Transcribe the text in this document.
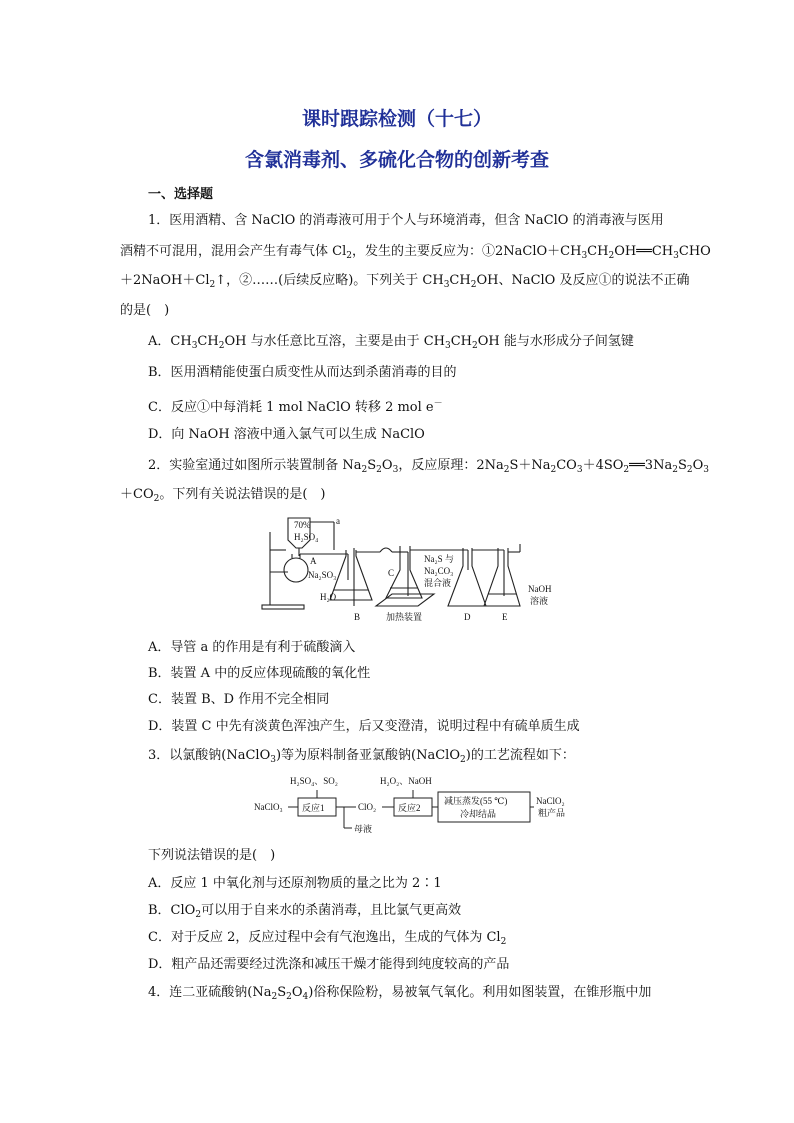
课时跟踪检测（十七）
含氯消毒剂、多硫化合物的创新考查
一、选择题
1．医用酒精、含 NaClO 的消毒液可用于个人与环境消毒，但含 NaClO 的消毒液与医用
酒精不可混用，混用会产生有毒气体 $Cl_2$，发生的主要反应为：$①2NaClO+CH_3CH_2OH══CH_3CHO$
$+2NaOH+Cl_2↑$，②……(后续反应略)。下列关于 $CH_3CH_2OH$、NaClO 及反应①的说法不正确
的是(　)
A．$CH_3CH_2OH$ 与水任意比互溶，主要是由于 $CH_3CH_2OH$ 能与水形成分子间氢键
B．医用酒精能使蛋白质变性从而达到杀菌消毒的目的
C．反应①中每消耗 1 mol NaClO 转移 2 mol e－
D．向 NaOH 溶液中通入氯气可以生成 NaClO
2．实验室通过如图所示装置制备 $Na_2S_2O_3$，反应原理：$2Na_2S+Na_2CO_3+4SO_2══3Na_2S_2O_3$
$+CO_2$。下列有关说法错误的是(　)
70%
H₂SO₄
a
A
Na₂SO₃
H₂O
B
C
Na₂S 与
Na₂CO₃
混合液
加热装置	D	E
NaOH
溶液
A．导管 a 的作用是有利于硫酸滴入
B．装置 A 中的反应体现硫酸的氧化性
C．装置 B、D 作用不完全相同
D．装置 C 中先有淡黄色浑浊产生，后又变澄清，说明过程中有硫单质生成
3．以氯酸钠(NaClO$_3$)等为原料制备亚氯酸钠(NaClO$_2$)的工艺流程如下：
H₂SO₄、SO₂	H₂O₂、NaOH
NaClO₃ 反应1	ClO₂ 反应2
减压蒸发(55 ℃)
冷却结晶
NaClO₂
粗产品
母液
下列说法错误的是(　)
A．反应 1 中氧化剂与还原剂物质的量之比为 2∶1
B．ClO$_2$可以用于自来水的杀菌消毒，且比氯气更高效
C．对于反应 2，反应过程中会有气泡逸出，生成的气体为 $Cl_2$
D．粗产品还需要经过洗涤和减压干燥才能得到纯度较高的产品
4．连二亚硫酸钠$(Na_2S_2O_4)$俗称保险粉，易被氧气氧化。利用如图装置，在锥形瓶中加
